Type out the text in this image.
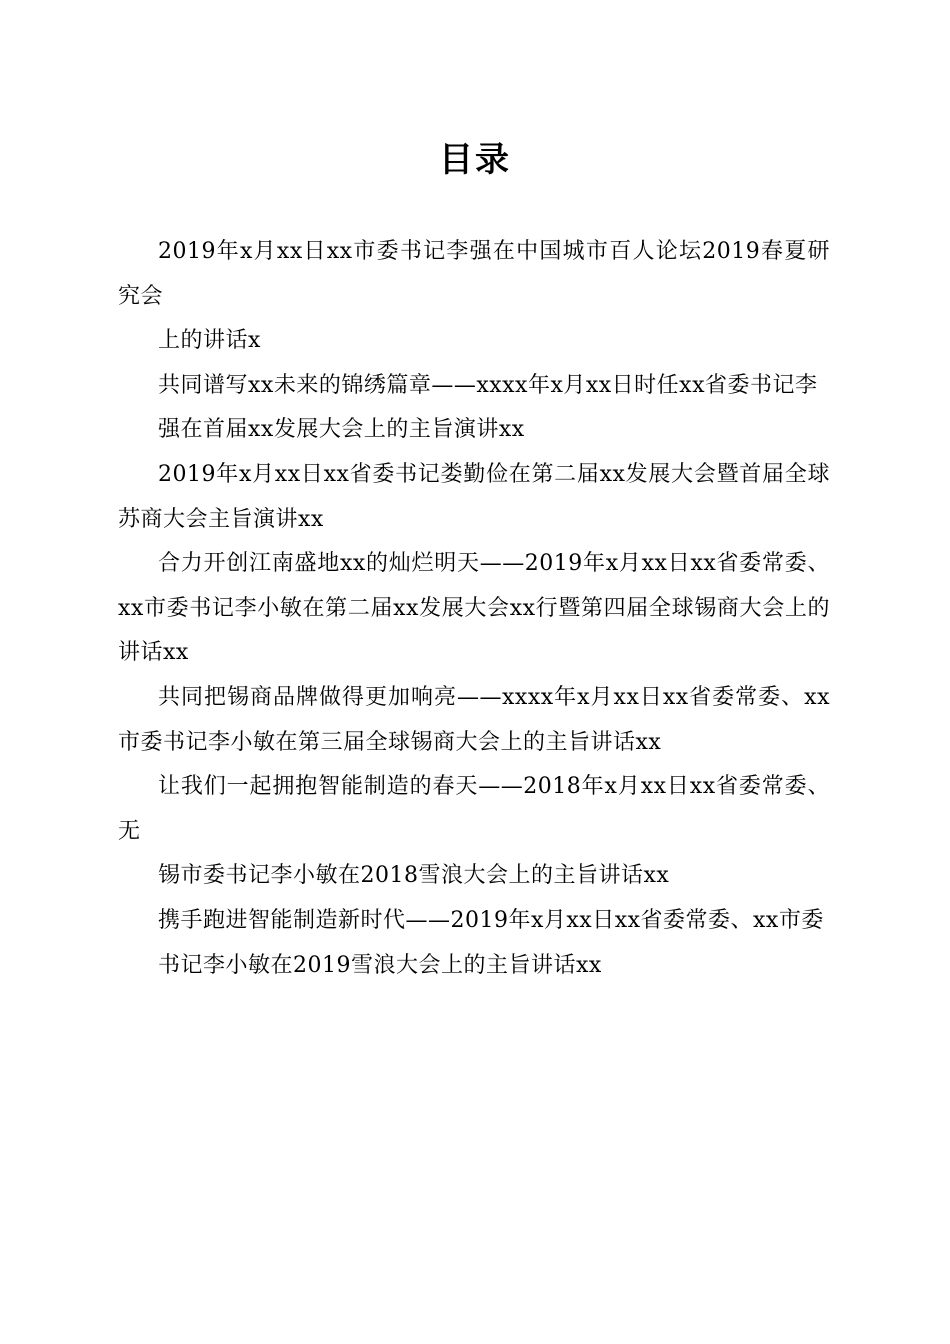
目录

2019年x月xx日xx市委书记李强在中国城市百人论坛2019春夏研究会

上的讲话x

共同谱写xx未来的锦绣篇章——xxxx年x月xx日时任xx省委书记李

强在首届xx发展大会上的主旨演讲xx

2019年x月xx日xx省委书记娄勤俭在第二届xx发展大会暨首届全球苏商大会主旨演讲xx

合力开创江南盛地xx的灿烂明天——2019年x月xx日xx省委常委、xx市委书记李小敏在第二届xx发展大会xx行暨第四届全球锡商大会上的讲话xx

共同把锡商品牌做得更加响亮——xxxx年x月xx日xx省委常委、xx市委书记李小敏在第三届全球锡商大会上的主旨讲话xx

让我们一起拥抱智能制造的春天——2018年x月xx日xx省委常委、无

锡市委书记李小敏在2018雪浪大会上的主旨讲话xx

携手跑进智能制造新时代——2019年x月xx日xx省委常委、xx市委

书记李小敏在2019雪浪大会上的主旨讲话xx
